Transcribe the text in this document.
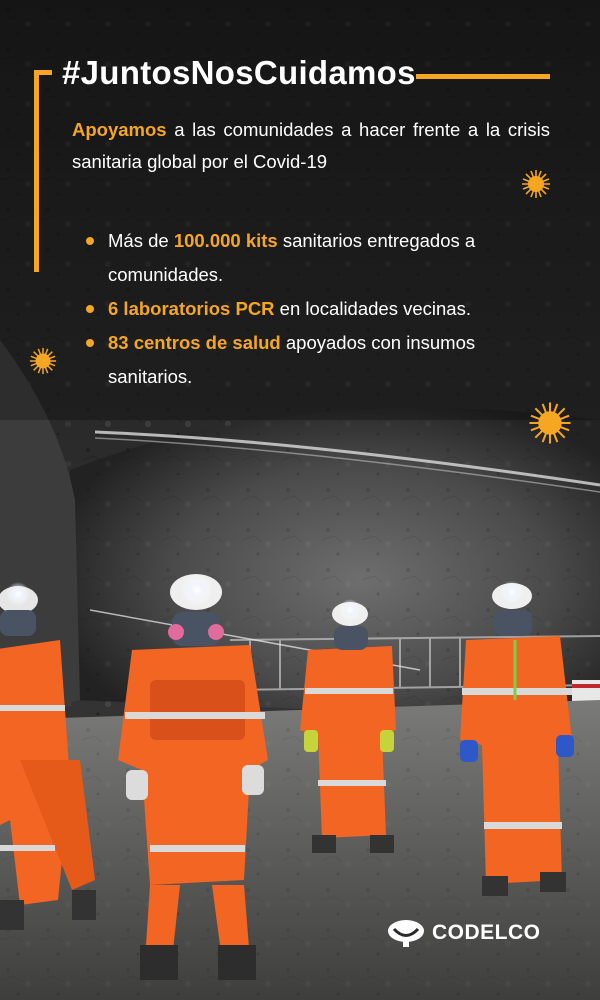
#JuntosNosCuidamos

Apoyamos a las comunidades a hacer frente a la crisis sanitaria global por el Covid-19

Más de 100.000 kits sanitarios entregados a comunidades.
6 laboratorios PCR en localidades vecinas.
83 centros de salud apoyados con insumos sanitarios.
CODELCO
